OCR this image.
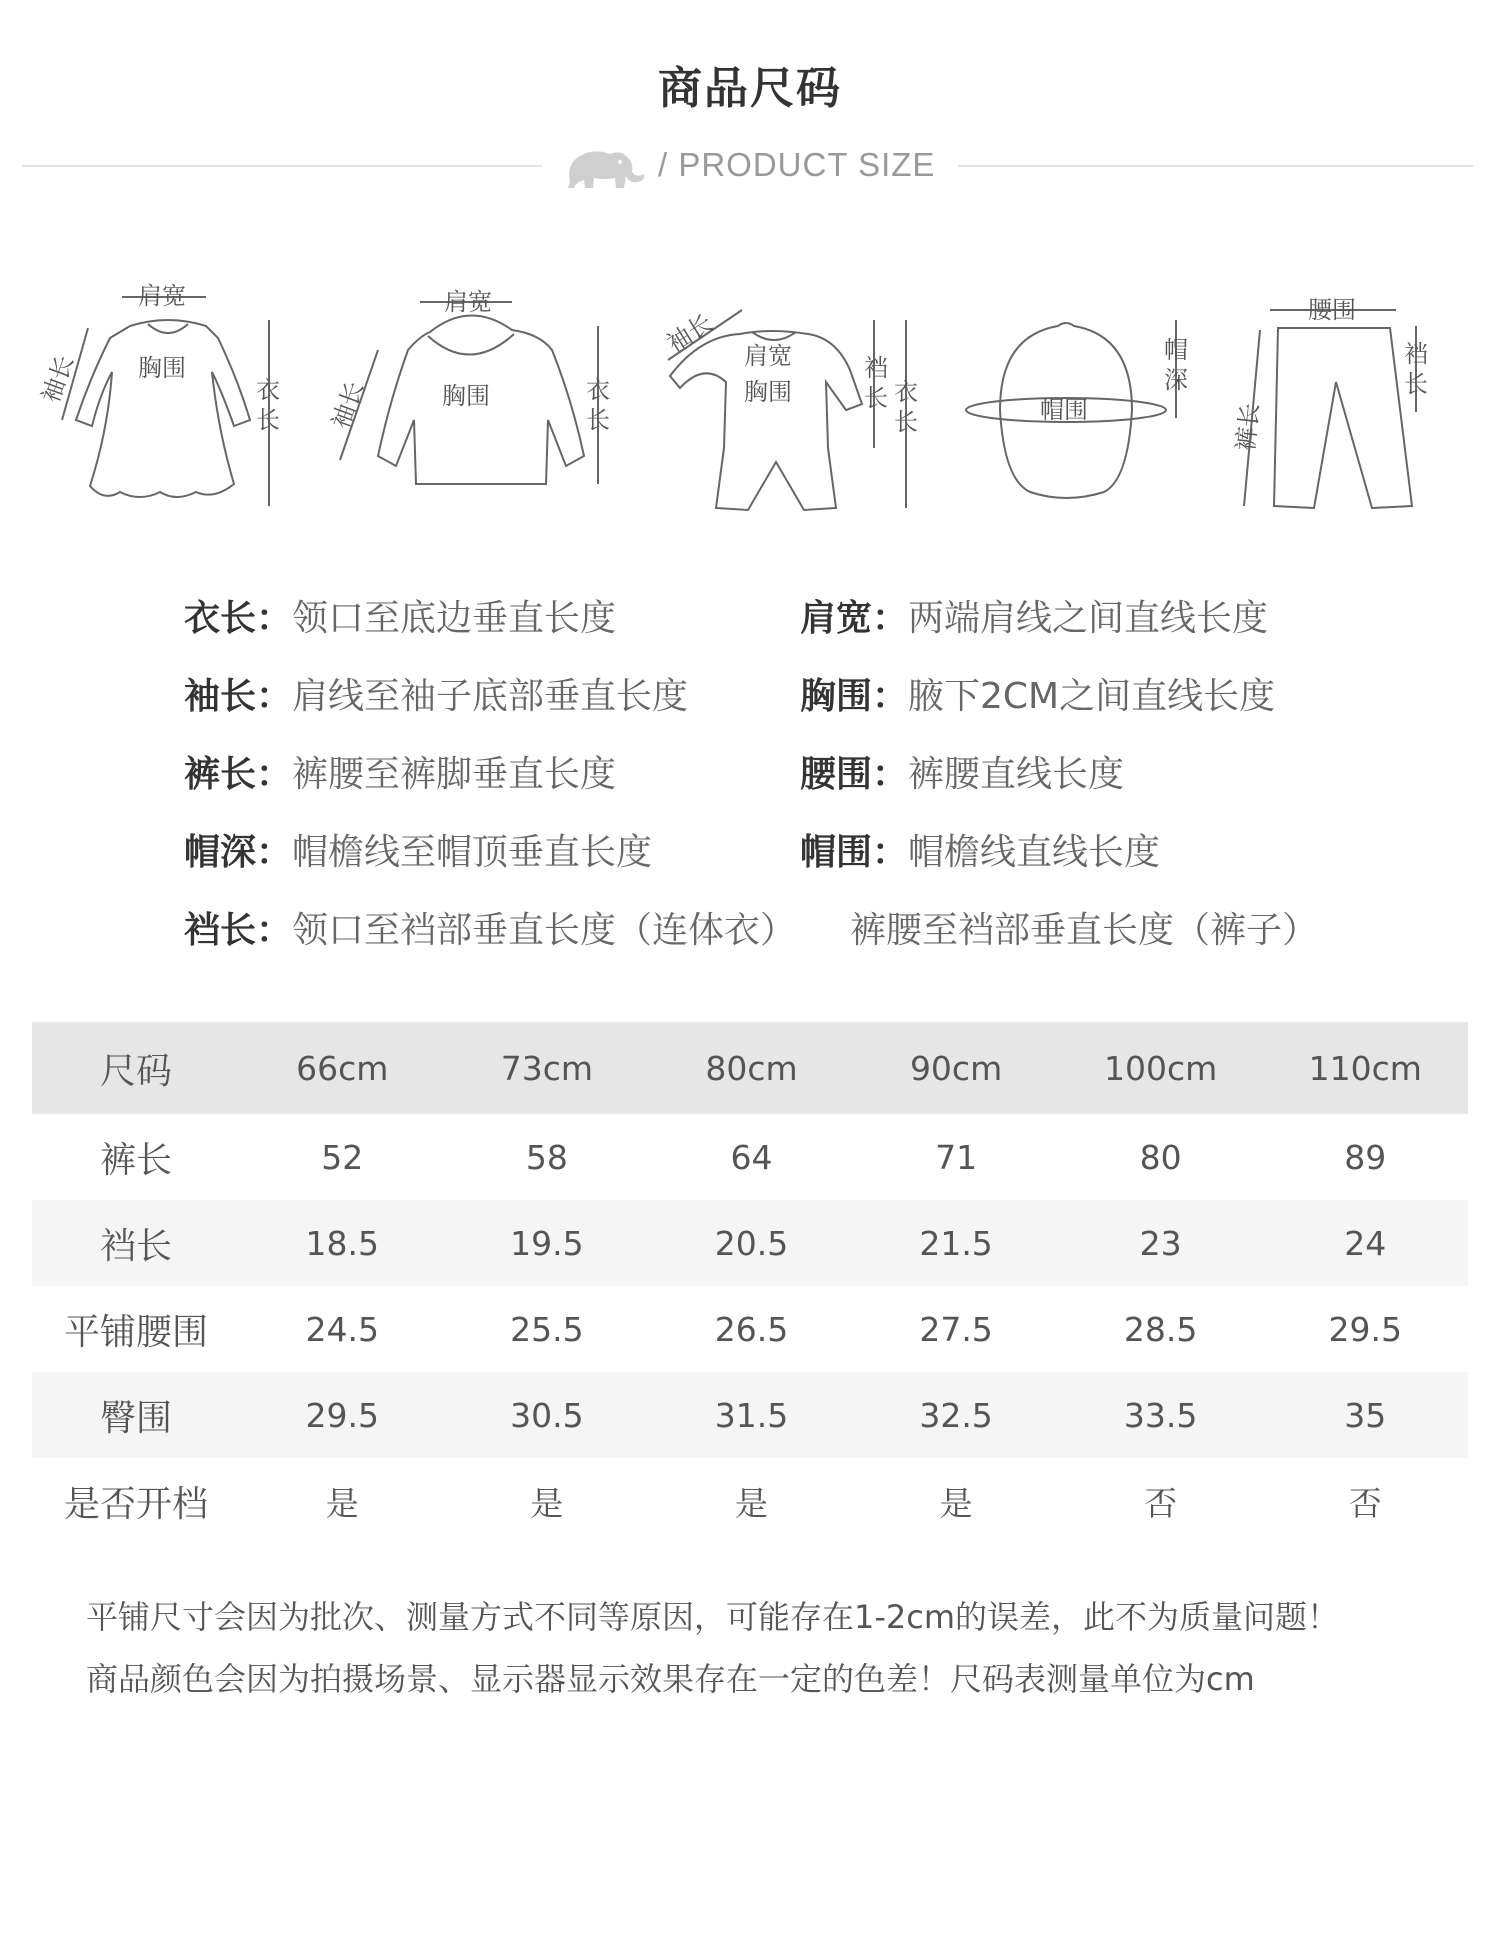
商品尺码
/ PRODUCT SIZE
肩宽
胸围
袖长	衣
长
肩宽
胸围
袖长	衣
长
袖长 肩宽
胸围
裆
长 衣
长	帽围
帽
深
腰围
裤长
裆
长
衣长：领口至底边垂直长度	肩宽：两端肩线之间直线长度
袖长：肩线至袖子底部垂直长度	胸围：腋下2CM之间直线长度
裤长：裤腰至裤脚垂直长度	腰围：裤腰直线长度
帽深：帽檐线至帽顶垂直长度	帽围：帽檐线直线长度
裆长：领口至裆部垂直长度（连体衣） 裤腰至裆部垂直长度（裤子）
尺码	66cm	73cm	80cm	90cm	100cm	110cm
裤长	52	58	64	71	80	89
裆长	18.5	19.5	20.5	21.5	23	24
平铺腰围	24.5	25.5	26.5	27.5	28.5	29.5
臀围	29.5	30.5	31.5	32.5	33.5	35
是否开档	是	是	是	是	否	否
平铺尺寸会因为批次、测量方式不同等原因，可能存在1-2cm的误差，此不为质量问题！
商品颜色会因为拍摄场景、显示器显示效果存在一定的色差！尺码表测量单位为cm
